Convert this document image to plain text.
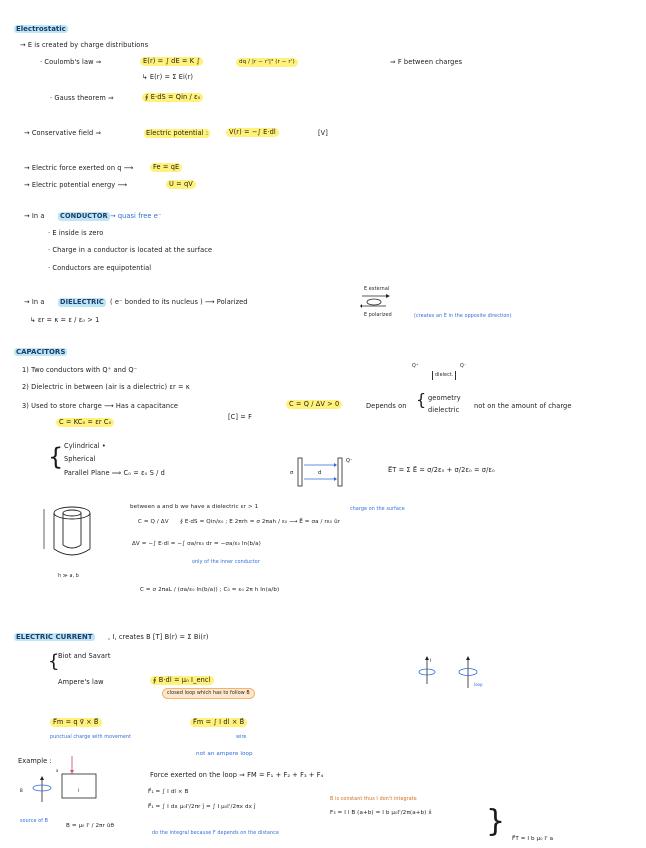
Electrostatic
→ E is created by charge distributions
· Coulomb's law ⇒	E(r) = ∫ dE = K ∫	dq / |r − r'|³ (r − r')	⇒ F between charges
↳ E(r) = Σ Ei(r)
· Gauss theorem ⇒	∮ E·dS = Qin / ε₀
→ Conservative field ⇒	Electric potential :	V(r) = −∫ E·dl	[V]
→ Electric force exerted on q ⟶	Fe = qE
→ Electric potential energy ⟶	U = qV
→ In a	CONDUCTOR → quasi free e⁻
· E inside is zero
· Charge in a conductor is located at the surface
· Conductors are equipotential
→ In a	DIELECTRIC ( e⁻ bonded to its nucleus ) ⟶ Polarized
↳ εr = κ = ε / ε₀ > 1
E external
E polarized	(creates an E in the opposite direction)
CAPACITORS
1) Two conductors with Q⁺ and Q⁻
2) Dielectric in between (air is a dielectric) εr = κ
3) Used to store charge ⟶ Has a capacitance
Q⁺
dielect.
Q⁻
C = Q / ΔV > 0	Depends on { geometry
dielectric not on the amount of charge
[C] = F
C = KC₀ = εr C₀
{ Cylindrical •
Spherical
Parallel Plane ⟹ C₀ = ε₀ S / d	σ	d
Q⁻
E⃗T = Σ E⃗ = σ/2ε₀ + σ/2ε₀ = σ/ε₀
h ≫ a, b
between a and b we have a dielectric εr > 1	charge on the surface
C = Q / ΔV ∮ E·dS = Qin/ε₀ ; E 2πrh = σ 2πah / ε₀ ⟶ E⃗ = σa / rε₀ ûr
ΔV = −∫ E·dl = −∫ σa/rε₀ dr = −σa/ε₀ ln(b/a)
only of the inner conductor
C = σ 2πaL / (σa/ε₀ ln(b/a)) ; C₀ = ε₀ 2π h ln(a/b)
ELECTRIC CURRENT	, I, creates B [T] B(r) = Σ Bi(r)
{
Biot and Savart
Ampere's law	∮ B·dl = μ₀ I_encl
closed loop which has to follow B
I
loop
F⃗m = q v⃗ × B⃗
punctual charge with movement
F⃗m = ∫ I dl × B⃗
wire
Example :
x
I
B
source of B
not an ampere loop
Force exerted on the loop ⇒ FM = F₁ + F₂ + F₃ + F₄
F⃗₁ = ∫ I dl × B
F⃗₁ = ∫ I dx μ₀I'/2πr ĵ = ∫ I μ₀I'/2πx dx ĵ
B is constant thus I don't integrate
F₃ = I l B (a+b) = I b μ₀I'/2π(a+b) x̂
do the integral because F depends on the distance
B = μ₀ I' / 2πr ûθ	} F⃗T = I b μ₀ I' a
